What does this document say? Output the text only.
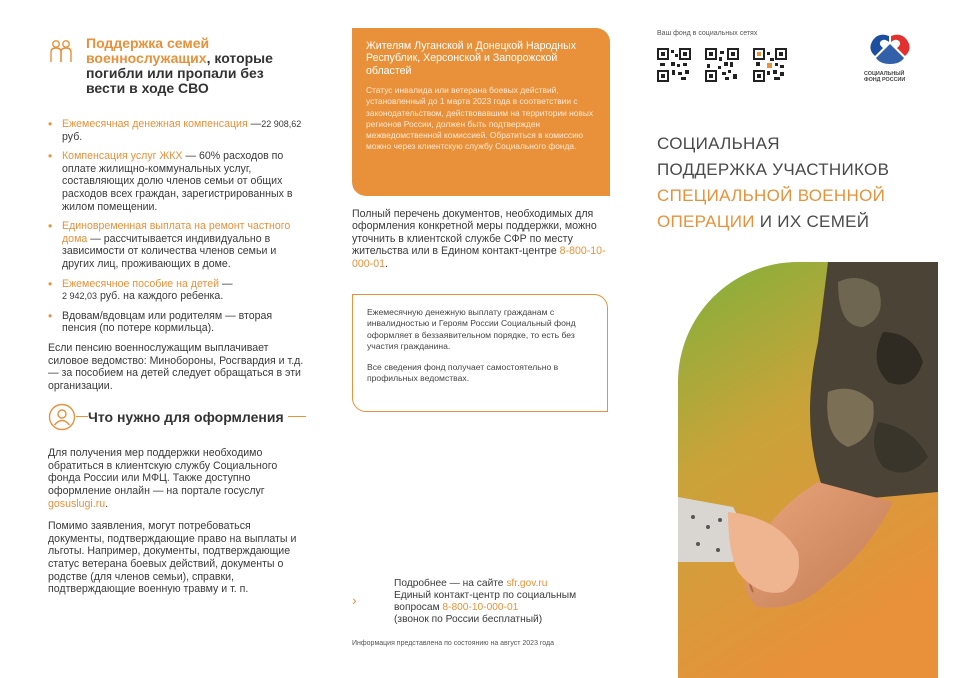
Поддержка семей военнослужащих, которые погибли или пропали без вести в ходе СВО
• Ежемесячная денежная компенсация —22 908,62 руб.
• Компенсация услуг ЖКХ — 60% расходов по оплате жилищно-коммунальных услуг, составляющих долю членов семьи от общих расходов всех граждан, зарегистрированных в жилом помещении.
• Единовременная выплата на ремонт частного дома — рассчитывается индивидуально в зависимости от количества членов семьи и других лиц, проживающих в доме.
• Ежемесячное пособие на детей —
2 942,03 руб. на каждого ребенка.
• Вдовам/вдовцам или родителям — вторая пенсия (по потере кормильца).

Если пенсию военнослужащим выплачивает силовое ведомство: Минобороны, Росгвардия и т.д. — за пособием на детей следует обращаться в эти организации.

Что нужно для оформления

Для получения мер поддержки необходимо обратиться в клиентскую службу Социального фонда России или МФЦ. Также доступно оформление онлайн — на портале госуслуг gosuslugi.ru.

Помимо заявления, могут потребоваться документы, подтверждающие право на выплаты и льготы. Например, документы, подтверждающие статус ветерана боевых действий, документы о родстве (для членов семьи), справки, подтверждающие военную травму и т. п.

Жителям Луганской и Донецкой Народных Республик, Херсонской и Запорожской областей

Статус инвалида или ветерана боевых действий, установленный до 1 марта 2023 года в соответствии с законодательством, действовавшим на территории новых регионов России, должен быть подтвержден межведомственной комиссией. Обратиться в комиссию можно через клиентскую службу Социального фонда.

Полный перечень документов, необходимых для оформления конкретной меры поддержки, можно уточнить в клиентской службе СФР по месту жительства или в Едином контакт-центре 8-800-10-000-01.

Ежемесячную денежную выплату гражданам с инвалидностью и Героям России Социальный фонд оформляет в беззаявительном порядке, то есть без участия гражданина.

Все сведения фонд получает самостоятельно в профильных ведомствах.

›

Подробнее — на сайте sfr.gov.ru
Единый контакт-центр по социальным вопросам 8-800-10-000-01
(звонок по России бесплатный)

Информация представлена по состоянию на август 2023 года

Ваш фонд в социальных сетях

СОЦИАЛЬНЫЙ
ФОНД РОССИИ

СОЦИАЛЬНАЯ
ПОДДЕРЖКА УЧАСТНИКОВ
СПЕЦИАЛЬНОЙ ВОЕННОЙ
ОПЕРАЦИИ И ИХ СЕМЕЙ
